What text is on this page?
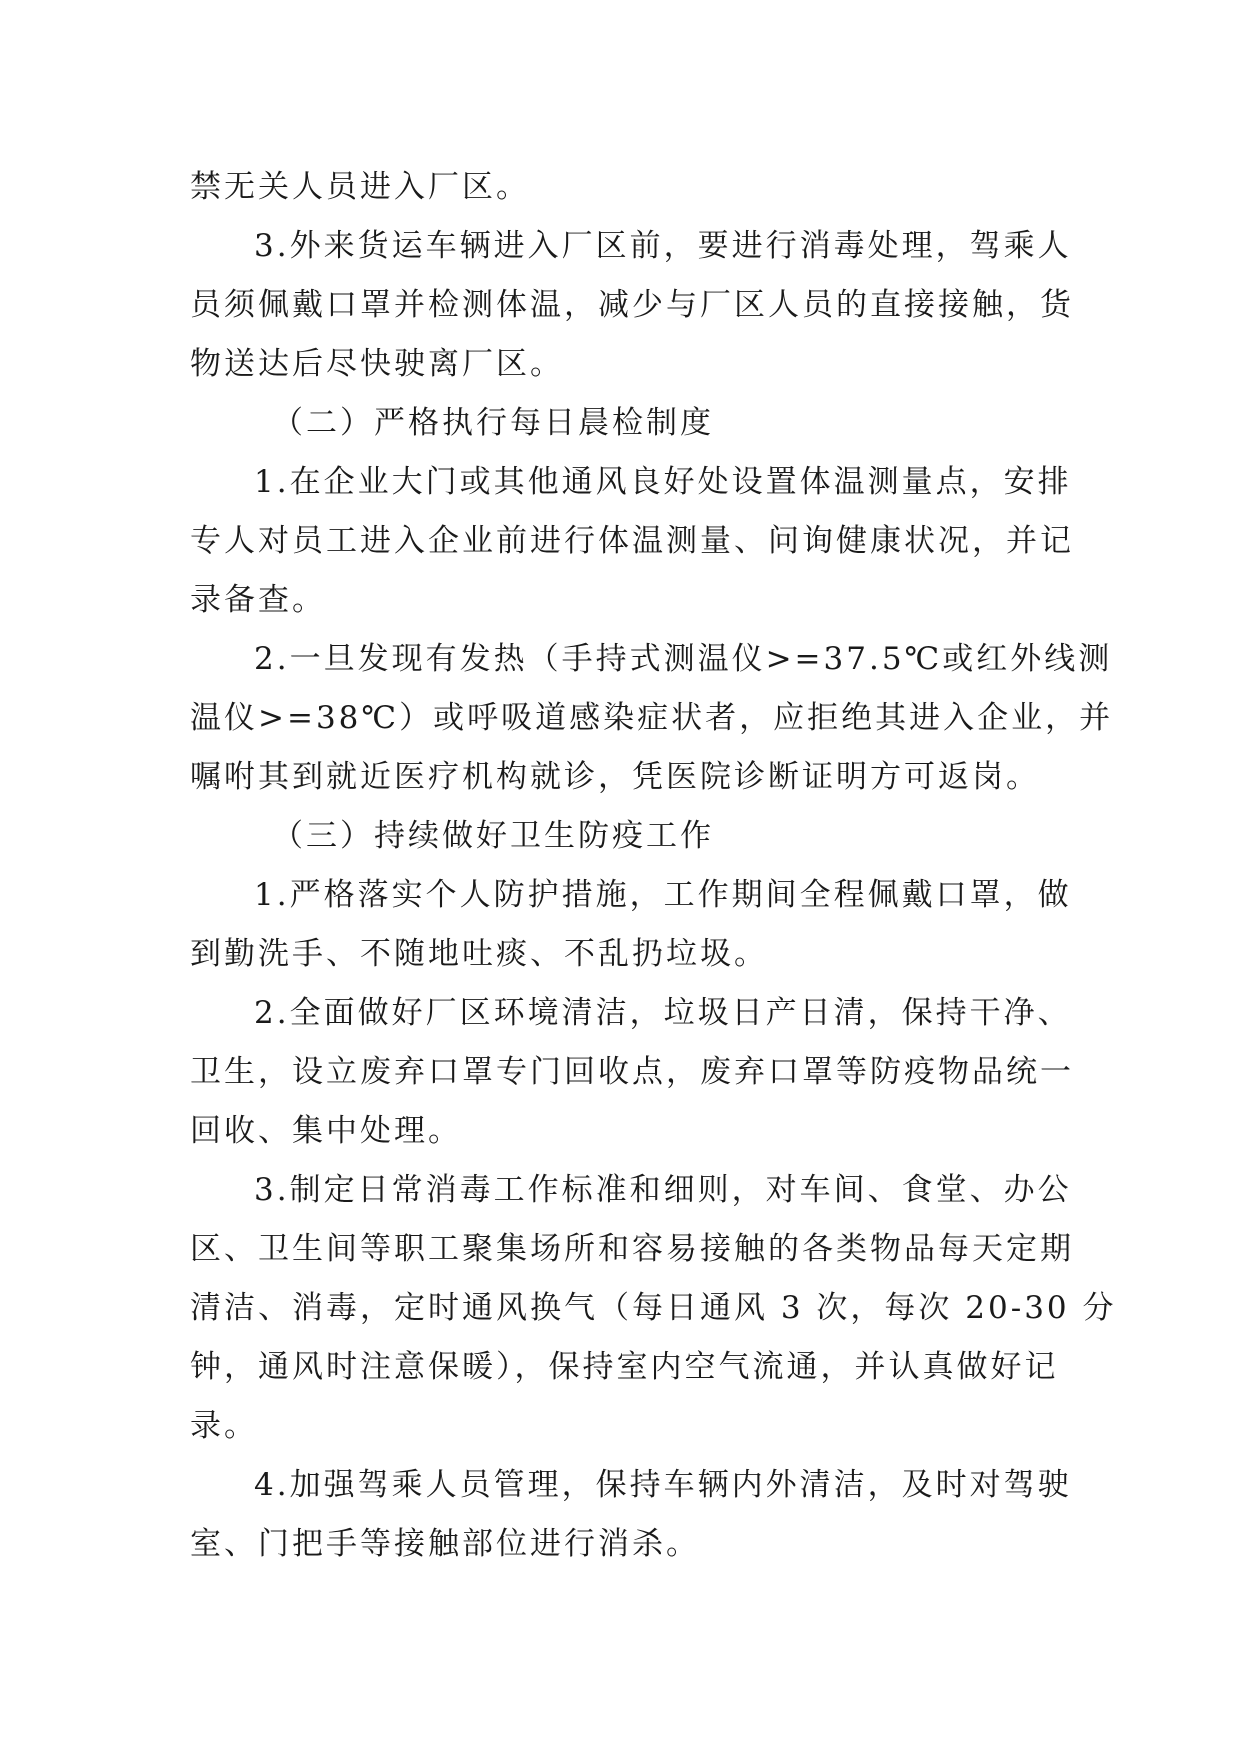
禁无关人员进入厂区。
3.外来货运车辆进入厂区前，要进行消毒处理，驾乘人
员须佩戴口罩并检测体温，减少与厂区人员的直接接触，货
物送达后尽快驶离厂区。
（二）严格执行每日晨检制度
1.在企业大门或其他通风良好处设置体温测量点，安排
专人对员工进入企业前进行体温测量、问询健康状况，并记
录备查。
2.一旦发现有发热（手持式测温仪>=37.5℃或红外线测
温仪>=38℃）或呼吸道感染症状者，应拒绝其进入企业，并
嘱咐其到就近医疗机构就诊，凭医院诊断证明方可返岗。
（三）持续做好卫生防疫工作
1.严格落实个人防护措施，工作期间全程佩戴口罩，做
到勤洗手、不随地吐痰、不乱扔垃圾。
2.全面做好厂区环境清洁，垃圾日产日清，保持干净、
卫生，设立废弃口罩专门回收点，废弃口罩等防疫物品统一
回收、集中处理。
3.制定日常消毒工作标准和细则，对车间、食堂、办公
区、卫生间等职工聚集场所和容易接触的各类物品每天定期
清洁、消毒，定时通风换气（每日通风 3 次，每次 20-30 分
钟，通风时注意保暖），保持室内空气流通，并认真做好记
录。
4.加强驾乘人员管理，保持车辆内外清洁，及时对驾驶
室、门把手等接触部位进行消杀。
